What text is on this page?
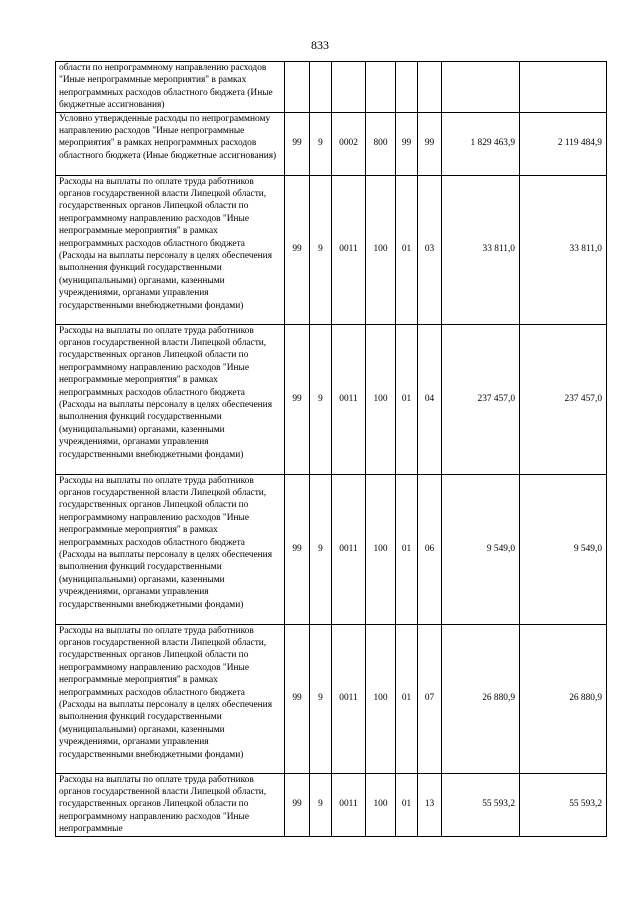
833
области по непрограммному направлению расходов "Иные непрограммные мероприятия" в рамках непрограммных расходов областного бюджета (Иные бюджетные ассигнования)								
Условно утвержденные расходы по непрограммному направлению расходов "Иные непрограммные мероприятия" в рамках непрограммных расходов областного бюджета (Иные бюджетные ассигнования)	99	9	0002	800	99	99	1 829 463,9	2 119 484,9
Расходы на выплаты по оплате труда работников органов государственной власти Липецкой области, государственных органов Липецкой области по непрограммному направлению расходов "Иные непрограммные мероприятия" в рамках непрограммных расходов областного бюджета (Расходы на выплаты персоналу в целях обеспечения выполнения функций государственными (муниципальными) органами, казенными учреждениями, органами управления государственными внебюджетными фондами)	99	9	0011	100	01	03	33 811,0	33 811,0
Расходы на выплаты по оплате труда работников органов государственной власти Липецкой области, государственных органов Липецкой области по непрограммному направлению расходов "Иные непрограммные мероприятия" в рамках непрограммных расходов областного бюджета (Расходы на выплаты персоналу в целях обеспечения выполнения функций государственными (муниципальными) органами, казенными учреждениями, органами управления государственными внебюджетными фондами)	99	9	0011	100	01	04	237 457,0	237 457,0
Расходы на выплаты по оплате труда работников органов государственной власти Липецкой области, государственных органов Липецкой области по непрограммному направлению расходов "Иные непрограммные мероприятия" в рамках непрограммных расходов областного бюджета (Расходы на выплаты персоналу в целях обеспечения выполнения функций государственными (муниципальными) органами, казенными учреждениями, органами управления государственными внебюджетными фондами)	99	9	0011	100	01	06	9 549,0	9 549,0
Расходы на выплаты по оплате труда работников органов государственной власти Липецкой области, государственных органов Липецкой области по непрограммному направлению расходов "Иные непрограммные мероприятия" в рамках непрограммных расходов областного бюджета (Расходы на выплаты персоналу в целях обеспечения выполнения функций государственными (муниципальными) органами, казенными учреждениями, органами управления государственными внебюджетными фондами)	99	9	0011	100	01	07	26 880,9	26 880,9
Расходы на выплаты по оплате труда работников органов государственной власти Липецкой области, государственных органов Липецкой области по непрограммному направлению расходов "Иные непрограммные	99	9	0011	100	01	13	55 593,2	55 593,2
